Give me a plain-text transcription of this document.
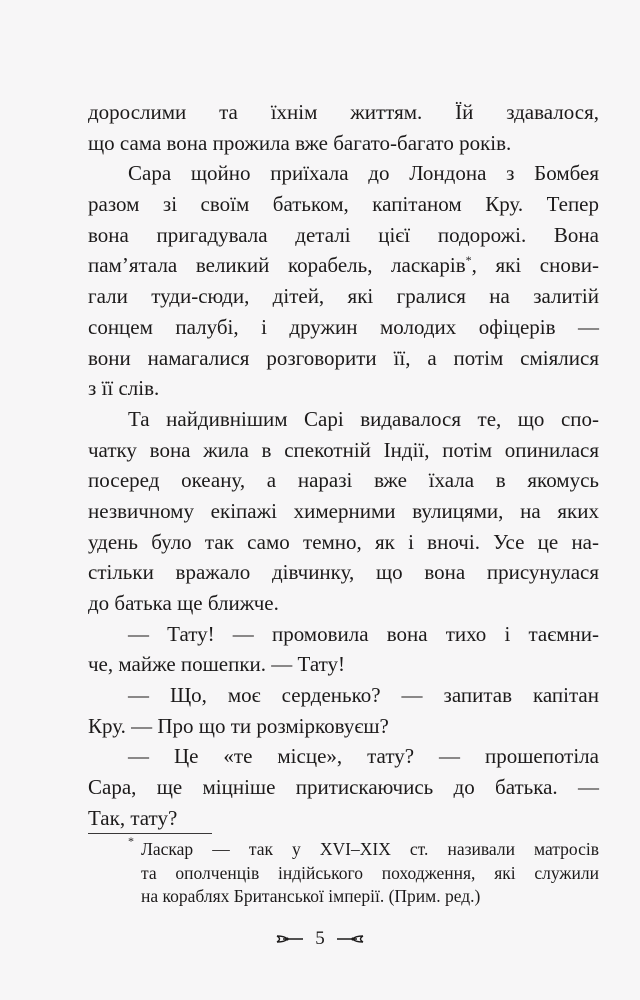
дорослими та їхнім життям. Їй здавалося,
що сама вона прожила вже багато-багато років.
Сара щойно приїхала до Лондона з Бомбея
разом зі своїм батьком, капітаном Кру. Тепер
вона пригадувала деталі цієї подорожі. Вона
пам’ятала великий корабель, ласкарів*, які снови-
гали туди-сюди, дітей, які гралися на залитій
сонцем палубі, і дружин молодих офіцерів —
вони намагалися розговорити її, а потім сміялися
з її слів.
Та найдивнішим Сарі видавалося те, що спо-
чатку вона жила в спекотній Індії, потім опинилася
посеред океану, а наразі вже їхала в якомусь
незвичному екіпажі химерними вулицями, на яких
удень було так само темно, як і вночі. Усе це на-
стільки вражало дівчинку, що вона присунулася
до батька ще ближче.
— Тату! — промовила вона тихо і таємни-
че, майже пошепки. — Тату!
— Що, моє серденько? — запитав капітан
Кру. — Про що ти розмірковуєш?
— Це «те місце», тату? — прошепотіла
Сара, ще міцніше притискаючись до батька. —
Так, тату?
* Ласкар — так у XVI–XIX ст. називали матросів
та ополченців індійського походження, які служили
на кораблях Британської імперії. (Прим. ред.)
5
